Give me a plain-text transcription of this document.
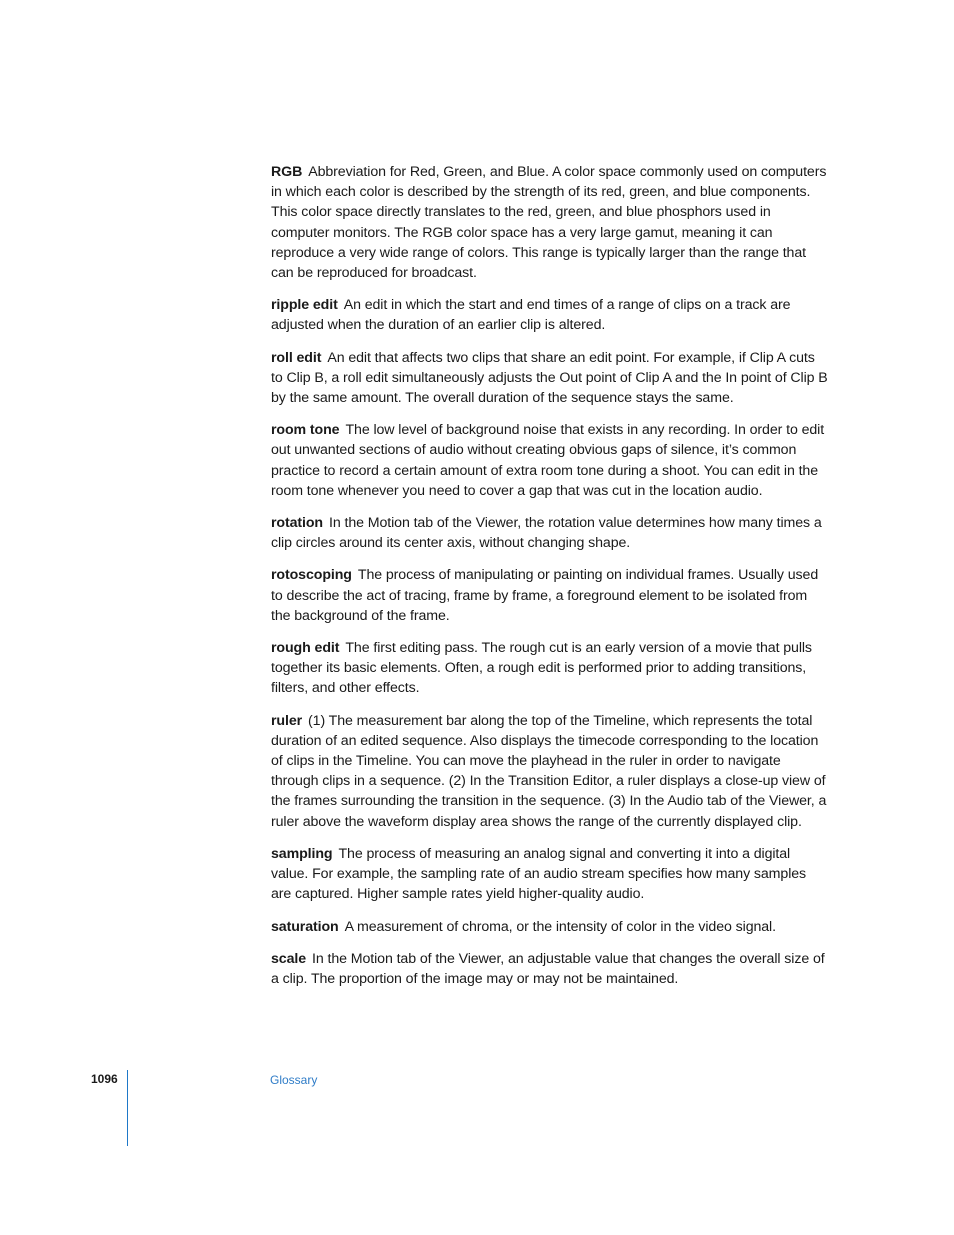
RGB Abbreviation for Red, Green, and Blue. A color space commonly used on computers in which each color is described by the strength of its red, green, and blue components. This color space directly translates to the red, green, and blue phosphors used in computer monitors. The RGB color space has a very large gamut, meaning it can reproduce a very wide range of colors. This range is typically larger than the range that can be reproduced for broadcast.

ripple edit An edit in which the start and end times of a range of clips on a track are adjusted when the duration of an earlier clip is altered.

roll edit An edit that affects two clips that share an edit point. For example, if Clip A cuts to Clip B, a roll edit simultaneously adjusts the Out point of Clip A and the In point of Clip B by the same amount. The overall duration of the sequence stays the same.

room tone The low level of background noise that exists in any recording. In order to edit out unwanted sections of audio without creating obvious gaps of silence, it’s common practice to record a certain amount of extra room tone during a shoot. You can edit in the room tone whenever you need to cover a gap that was cut in the location audio.

rotation In the Motion tab of the Viewer, the rotation value determines how many times a clip circles around its center axis, without changing shape.

rotoscoping The process of manipulating or painting on individual frames. Usually used to describe the act of tracing, frame by frame, a foreground element to be isolated from the background of the frame.

rough edit The first editing pass. The rough cut is an early version of a movie that pulls together its basic elements. Often, a rough edit is performed prior to adding transitions, filters, and other effects.

ruler (1) The measurement bar along the top of the Timeline, which represents the total duration of an edited sequence. Also displays the timecode corresponding to the location of clips in the Timeline. You can move the playhead in the ruler in order to navigate through clips in a sequence. (2) In the Transition Editor, a ruler displays a close-up view of the frames surrounding the transition in the sequence. (3) In the Audio tab of the Viewer, a ruler above the waveform display area shows the range of the currently displayed clip.

sampling The process of measuring an analog signal and converting it into a digital value. For example, the sampling rate of an audio stream specifies how many samples are captured. Higher sample rates yield higher-quality audio.

saturation A measurement of chroma, or the intensity of color in the video signal.

scale In the Motion tab of the Viewer, an adjustable value that changes the overall size of a clip. The proportion of the image may or may not be maintained.

1096	Glossary
